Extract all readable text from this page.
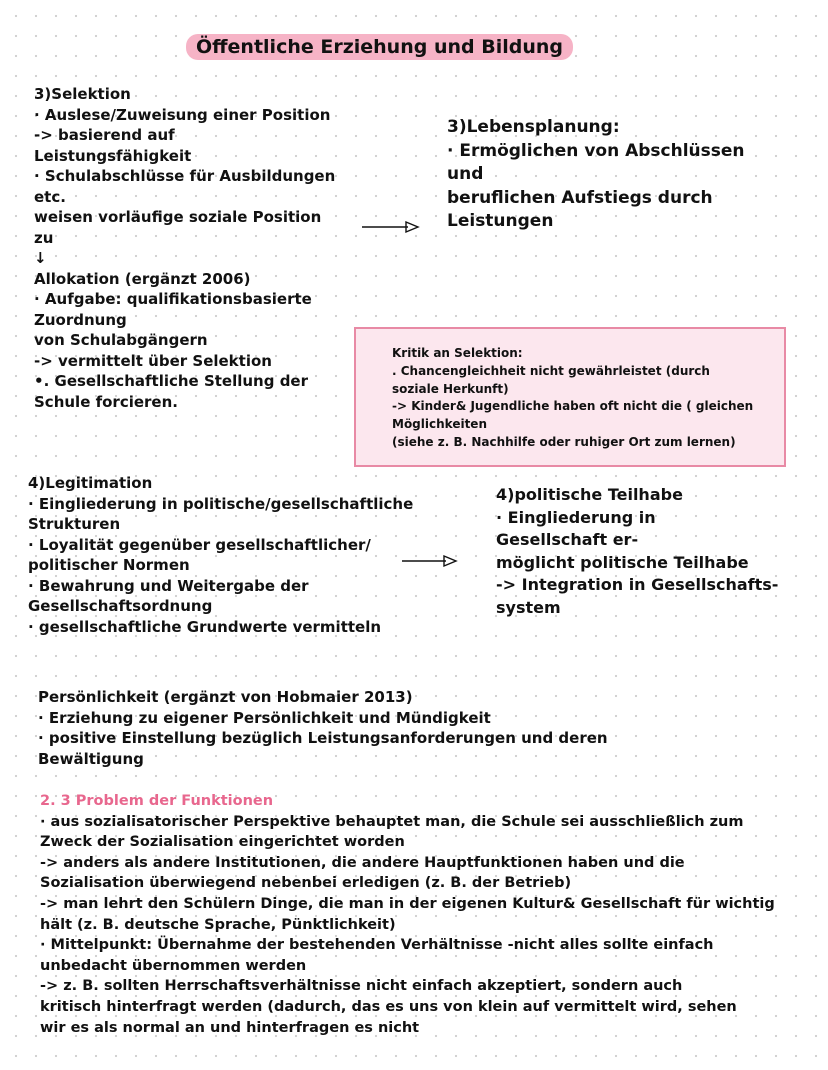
Öffentliche Erziehung und Bildung
3)Selektion
· Auslese/Zuweisung einer Position
-> basierend auf
Leistungsfähigkeit
· Schulabschlüsse für Ausbildungen
etc.
weisen vorläufige soziale Position
zu
↓
Allokation (ergänzt 2006)
· Aufgabe: qualifikationsbasierte
Zuordnung
von Schulabgängern
-> vermittelt über Selektion
•. Gesellschaftliche Stellung der
Schule forcieren.
3)Lebensplanung:
· Ermöglichen von Abschlüssen
und
beruflichen Aufstiegs durch
Leistungen
Kritik an Selektion:
. Chancengleichheit nicht gewährleistet (durch
soziale Herkunft)
-> Kinder& Jugendliche haben oft nicht die ( gleichen
Möglichkeiten
(siehe z. B. Nachhilfe oder ruhiger Ort zum lernen)
4)Legitimation
· Eingliederung in politische/gesellschaftliche
Strukturen
· Loyalität gegenüber gesellschaftlicher/
politischer Normen
· Bewahrung und Weitergabe der
Gesellschaftsordnung
· gesellschaftliche Grundwerte vermitteln
4)politische Teilhabe
· Eingliederung in
Gesellschaft er-
möglicht politische Teilhabe
-> Integration in Gesellschafts-
system
Persönlichkeit (ergänzt von Hobmaier 2013)
· Erziehung zu eigener Persönlichkeit und Mündigkeit
· positive Einstellung bezüglich Leistungsanforderungen und deren
Bewältigung
2. 3 Problem der Funktionen
· aus sozialisatorischer Perspektive behauptet man, die Schule sei ausschließlich zum
Zweck der Sozialisation eingerichtet worden
-> anders als andere Institutionen, die andere Hauptfunktionen haben und die
Sozialisation überwiegend nebenbei erledigen (z. B. der Betrieb)
-> man lehrt den Schülern Dinge, die man in der eigenen Kultur& Gesellschaft für wichtig
hält (z. B. deutsche Sprache, Pünktlichkeit)
· Mittelpunkt: Übernahme der bestehenden Verhältnisse -nicht alles sollte einfach
unbedacht übernommen werden
-> z. B. sollten Herrschaftsverhältnisse nicht einfach akzeptiert, sondern auch
kritisch hinterfragt werden (dadurch, das es uns von klein auf vermittelt wird, sehen
wir es als normal an und hinterfragen es nicht
